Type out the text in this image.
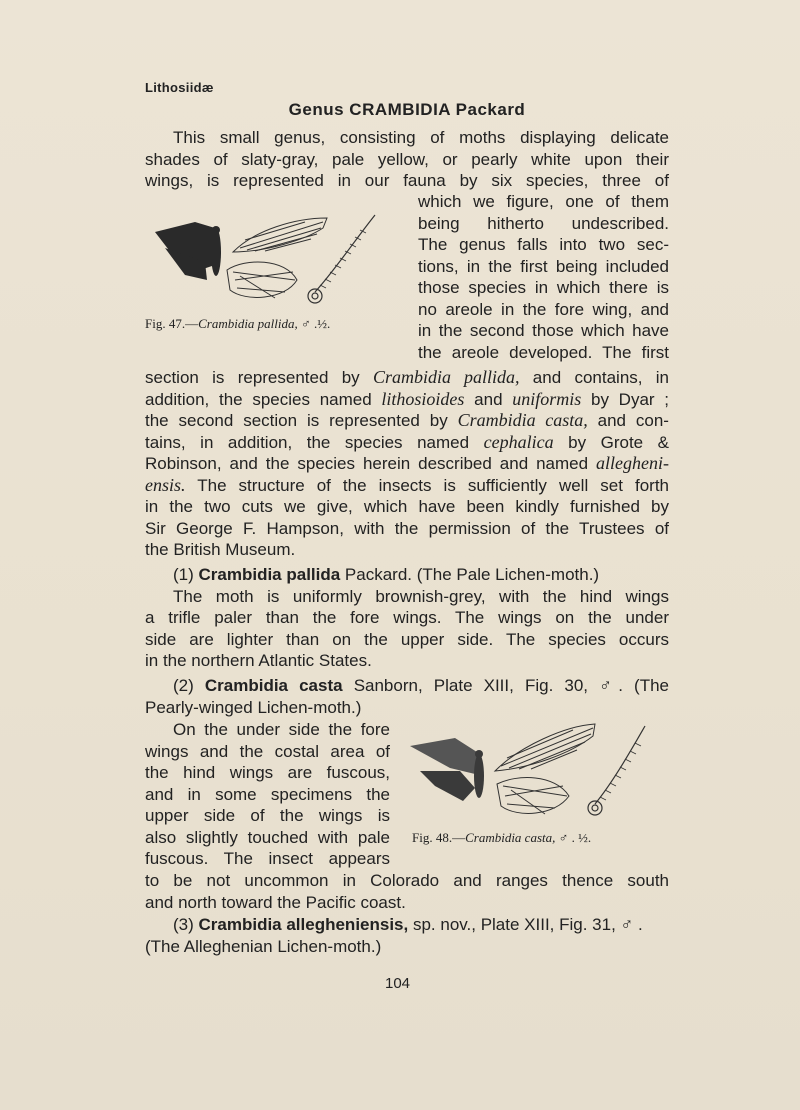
Lithosiidæ
Genus CRAMBIDIA Packard
This small genus, consisting of moths displaying delicate
shades of slaty-gray, pale yellow, or pearly white upon their
wings, is represented in our fauna by six species, three of
Fig. 47.—Crambidia pallida, ♂ .½.
which we figure, one of them
being hitherto undescribed.
The genus falls into two sec-
tions, in the first being included
those species in which there is
no areole in the fore wing, and
in the second those which have
the areole developed. The first
section is represented by Crambidia pallida, and contains, in
addition, the species named lithosioides and uniformis by Dyar ;
the second section is represented by Crambidia casta, and con-
tains, in addition, the species named cephalica by Grote &
Robinson, and the species herein described and named allegheni-
ensis. The structure of the insects is sufficiently well set forth
in the two cuts we give, which have been kindly furnished by
Sir George F. Hampson, with the permission of the Trustees of
the British Museum.
(1) Crambidia pallida Packard. (The Pale Lichen-moth.)
The moth is uniformly brownish-grey, with the hind wings
a trifle paler than the fore wings. The wings on the under
side are lighter than on the upper side. The species occurs
in the northern Atlantic States.
(2) Crambidia casta Sanborn, Plate XIII, Fig. 30, ♂. (The
Pearly-winged Lichen-moth.)
On the under side the fore
wings and the costal area of
the hind wings are fuscous,
and in some specimens the
upper side of the wings is
also slightly touched with pale
fuscous. The insect appears
Fig. 48.—Crambidia casta, ♂ . ½.
to be not uncommon in Colorado and ranges thence south
and north toward the Pacific coast.
(3) Crambidia allegheniensis, sp. nov., Plate XIII, Fig. 31, ♂ .
(The Alleghenian Lichen-moth.)
104
